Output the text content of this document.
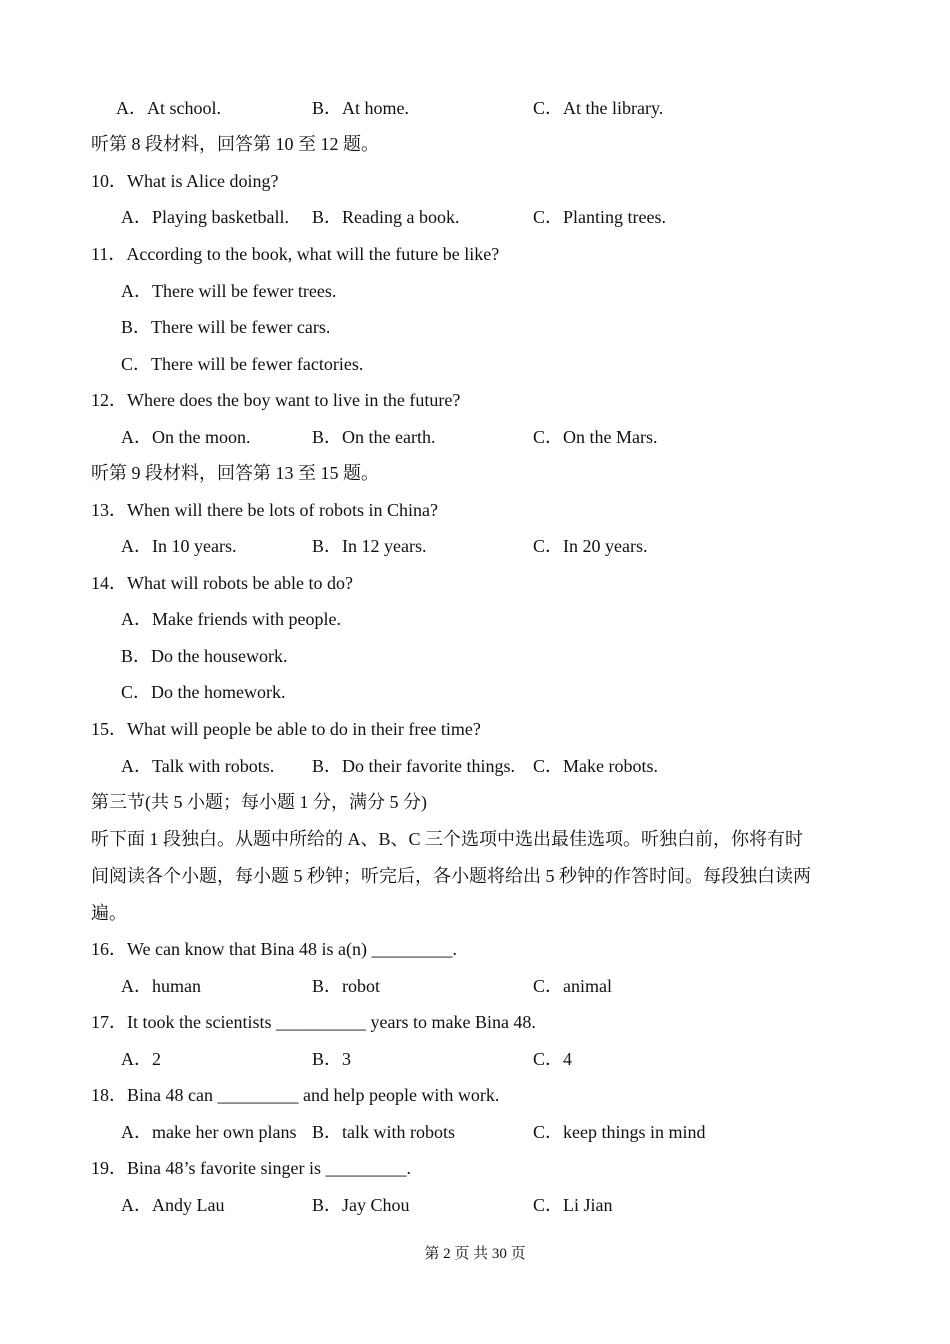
A．At school.	B．At home.	C．At the library.
听第 8 段材料，回答第 10 至 12 题。
10．What is Alice doing?
A．Playing basketball. B．Reading a book.	C．Planting trees.
11．According to the book, what will the future be like?
A．There will be fewer trees.
B．There will be fewer cars.
C．There will be fewer factories.
12．Where does the boy want to live in the future?
A．On the moon.	B．On the earth.	C．On the Mars.
听第 9 段材料，回答第 13 至 15 题。
13．When will there be lots of robots in China?
A．In 10 years.	B．In 12 years.	C．In 20 years.
14．What will robots be able to do?
A．Make friends with people.
B．Do the housework.
C．Do the homework.
15．What will people be able to do in their free time?
A．Talk with robots. B．Do their favorite things. C．Make robots.
第三节(共 5 小题；每小题 1 分，满分 5 分)
听下面 1 段独白。从题中所给的 A、B、C 三个选项中选出最佳选项。听独白前，你将有时
间阅读各个小题，每小题 5 秒钟；听完后，各小题将给出 5 秒钟的作答时间。每段独白读两
遍。
16．We can know that Bina 48 is a(n) _________.
A．human	B．robot	C．animal
17．It took the scientists __________ years to make Bina 48.
A．2	B．3	C．4
18．Bina 48 can _________ and help people with work.
A．make her own plans B．talk with robots	C．keep things in mind
19．Bina 48’s favorite singer is _________.
A．Andy Lau	B．Jay Chou	C．Li Jian
第 2 页 共 30 页
